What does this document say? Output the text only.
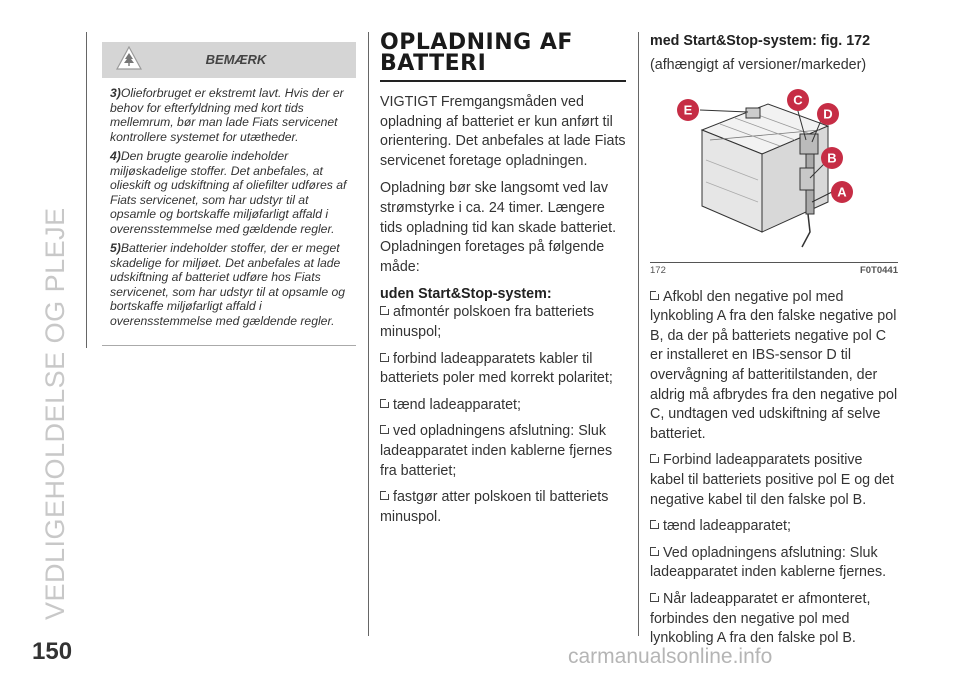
VEDLIGEHOLDELSE OG PLEJE
150
BEMÆRK
3)Olieforbruget er ekstremt lavt. Hvis der er behov for efterfyldning med kort tids mellemrum, bør man lade Fiats servicenet kontrollere systemet for utætheder.
4)Den brugte gearolie indeholder miljøskadelige stoffer. Det anbefales, at olieskift og udskiftning af oliefilter udføres af Fiats servicenet, som har udstyr til at opsamle og bortskaffe miljøfarligt affald i overensstemmelse med gældende regler.
5)Batterier indeholder stoffer, der er meget skadelige for miljøet. Det anbefales at lade udskiftning af batteriet udføre hos Fiats servicenet, som har udstyr til at opsamle og bortskaffe miljøfarligt affald i overensstemmelse med gældende regler.
OPLADNING AF
BATTERI

VIGTIGT Fremgangsmåden ved opladning af batteriet er kun anført til orientering. Det anbefales at lade Fiats servicenet foretage opladningen.

Opladning bør ske langsomt ved lav strømstyrke i ca. 24 timer. Længere tids opladning tid kan skade batteriet. Opladningen foretages på følgende måde:

uden Start&Stop-system:
afmontér polskoen fra batteriets minuspol;
forbind ladeapparatets kabler til batteriets poler med korrekt polaritet;
tænd ladeapparatet;
ved opladningens afslutning: Sluk ladeapparatet inden kablerne fjernes fra batteriet;
fastgør atter polskoen til batteriets minuspol.
med Start&Stop-system: fig. 172
(afhængigt af versioner/markeder)
E
C
D
B
A
172	F0T0441
Afkobl den negative pol med lynkobling A fra den falske negative pol B, da der på batteriets negative pol C er installeret en IBS-sensor D til overvågning af batteritilstanden, der aldrig må afbrydes fra den negative pol C, undtagen ved udskiftning af selve batteriet.
Forbind ladeapparatets positive kabel til batteriets positive pol E og det negative kabel til den falske pol B.
tænd ladeapparatet;
Ved opladningens afslutning: Sluk ladeapparatet inden kablerne fjernes.
Når ladeapparatet er afmonteret, forbindes den negative pol med lynkobling A fra den falske pol B.
carmanualsonline.info
